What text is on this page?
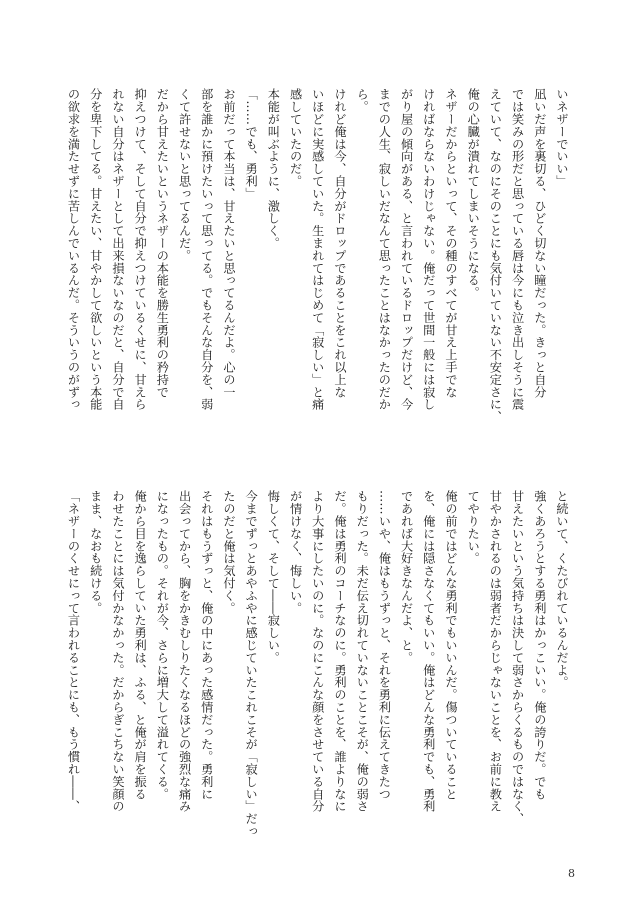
いネザーでいい」
凪いだ声を裏切る、ひどく切ない瞳だった。きっと自分
では笑みの形だと思っている唇は今にも泣き出しそうに震
えていて、なのにそのことにも気付いていない不安定さに、
俺の心臓が潰れてしまいそうになる。
ネザーだからといって、その種のすべてが甘え上手でな
ければならないわけじゃない。俺だって世間一般には寂し
がり屋の傾向がある、と言われているドロップだけど、今
までの人生、寂しいだなんて思ったことはなかったのだか
ら。
けれど俺は今、自分がドロップであることをこれ以上な
いほどに実感していた。生まれてはじめて「寂しい」と痛
感していたのだ。
本能が叫ぶように、激しく。
「……でも、勇利」
お前だって本当は、甘えたいと思ってるんだよ。心の一
部を誰かに預けたいって思ってる。でもそんな自分を、弱
くて許せないと思ってるんだ。
だから甘えたいというネザーの本能を勝生勇利の矜持で
抑えつけて、そして自分で抑えつけているくせに、甘えら
れない自分はネザーとして出来損ないなのだと、自分で自
分を卑下してる。甘えたい、甘やかして欲しいという本能
の欲求を満たせずに苦しんでいるんだ。そういうのがずっ
と続いて、くたびれているんだよ。
強くあろうとする勇利はかっこいい。俺の誇りだ。でも
甘えたいという気持ちは決して弱さからくるものではなく、
甘やかされるのは弱者だからじゃないことを、お前に教え
てやりたい。
俺の前ではどんな勇利でもいいんだ。傷ついていること
を、俺には隠さなくてもいい。俺はどんな勇利でも、勇利
であれば大好きなんだよ、と。
……いや、俺はもうずっと、それを勇利に伝えてきたつ
もりだった。未だ伝え切れていないことこそが、俺の弱さ
だ。俺は勇利のコーチなのに。勇利のことを、誰よりなに
より大事にしたいのに。なのにこんな顔をさせている自分
が情けなく、悔しい。
悔しくて、そして――寂しい。
今までずっとあやふやに感じていたこれこそが「寂しい」だっ
たのだと俺は気付く。
それはもうずっと、俺の中にあった感情だった。勇利に
出会ってから、胸をかきむしりたくなるほどの強烈な痛み
になったもの。それが今、さらに増大して溢れてくる。
俺から目を逸らしていた勇利は、ふる、と俺が肩を振る
わせたことには気付かなかった。だからぎこちない笑顔の
まま、なおも続ける。
「ネザーのくせにって言われることにも、もう慣れ――、
8
